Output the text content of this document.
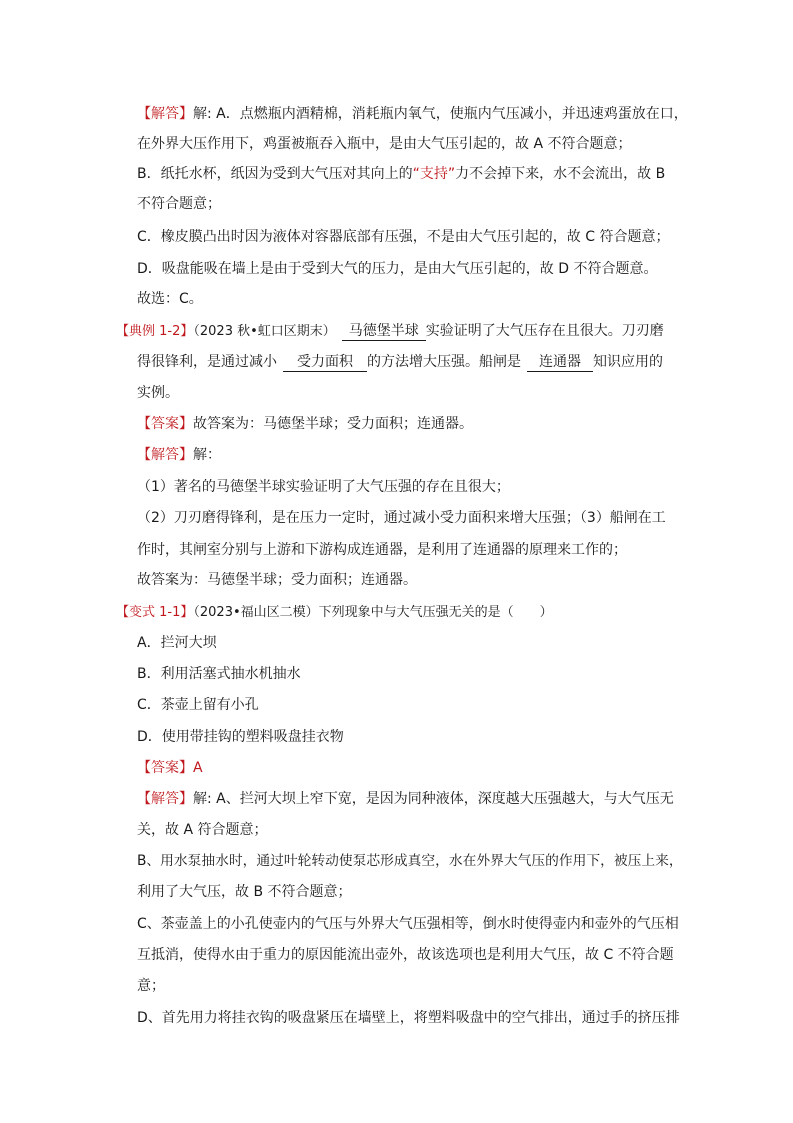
【解答】解: A．点燃瓶内酒精棉，消耗瓶内氧气，使瓶内气压减小，并迅速鸡蛋放在口，
在外界大压作用下，鸡蛋被瓶吞入瓶中，是由大气压引起的，故 A 不符合题意；
B．纸托水杯，纸因为受到大气压对其向上的“支持”力不会掉下来，水不会流出，故 B
不符合题意；
C．橡皮膜凸出时因为液体对容器底部有压强，不是由大气压引起的，故 C 符合题意；
D．吸盘能吸在墙上是由于受到大气的压力，是由大气压引起的，故 D 不符合题意。
故选：C。
【典例 1-2】（2023 秋•虹口区期末） 马德堡半球 实验证明了大气压存在且很大。刀刃磨
得很锋利，是通过减小 受力面积 的方法增大压强。船闸是 连通器 知识应用的
实例。
【答案】故答案为：马德堡半球；受力面积；连通器。
【解答】解：
（1）著名的马德堡半球实验证明了大气压强的存在且很大；
（2）刀刃磨得锋利，是在压力一定时，通过减小受力面积来增大压强；（3）船闸在工
作时，其闸室分别与上游和下游构成连通器，是利用了连通器的原理来工作的；
故答案为：马德堡半球；受力面积；连通器。
【变式 1-1】（2023•福山区二模）下列现象中与大气压强无关的是（　　）
A．拦河大坝
B．利用活塞式抽水机抽水
C．茶壶上留有小孔
D．使用带挂钩的塑料吸盘挂衣物
【答案】A
【解答】解: A、拦河大坝上窄下宽，是因为同种液体，深度越大压强越大，与大气压无
关，故 A 符合题意；
B、用水泵抽水时，通过叶轮转动使泵芯形成真空，水在外界大气压的作用下，被压上来，
利用了大气压，故 B 不符合题意；
C、茶壶盖上的小孔使壶内的气压与外界大气压强相等，倒水时使得壶内和壶外的气压相
互抵消，使得水由于重力的原因能流出壶外，故该选项也是利用大气压，故 C 不符合题
意；
D、首先用力将挂衣钩的吸盘紧压在墙壁上，将塑料吸盘中的空气排出，通过手的挤压排
